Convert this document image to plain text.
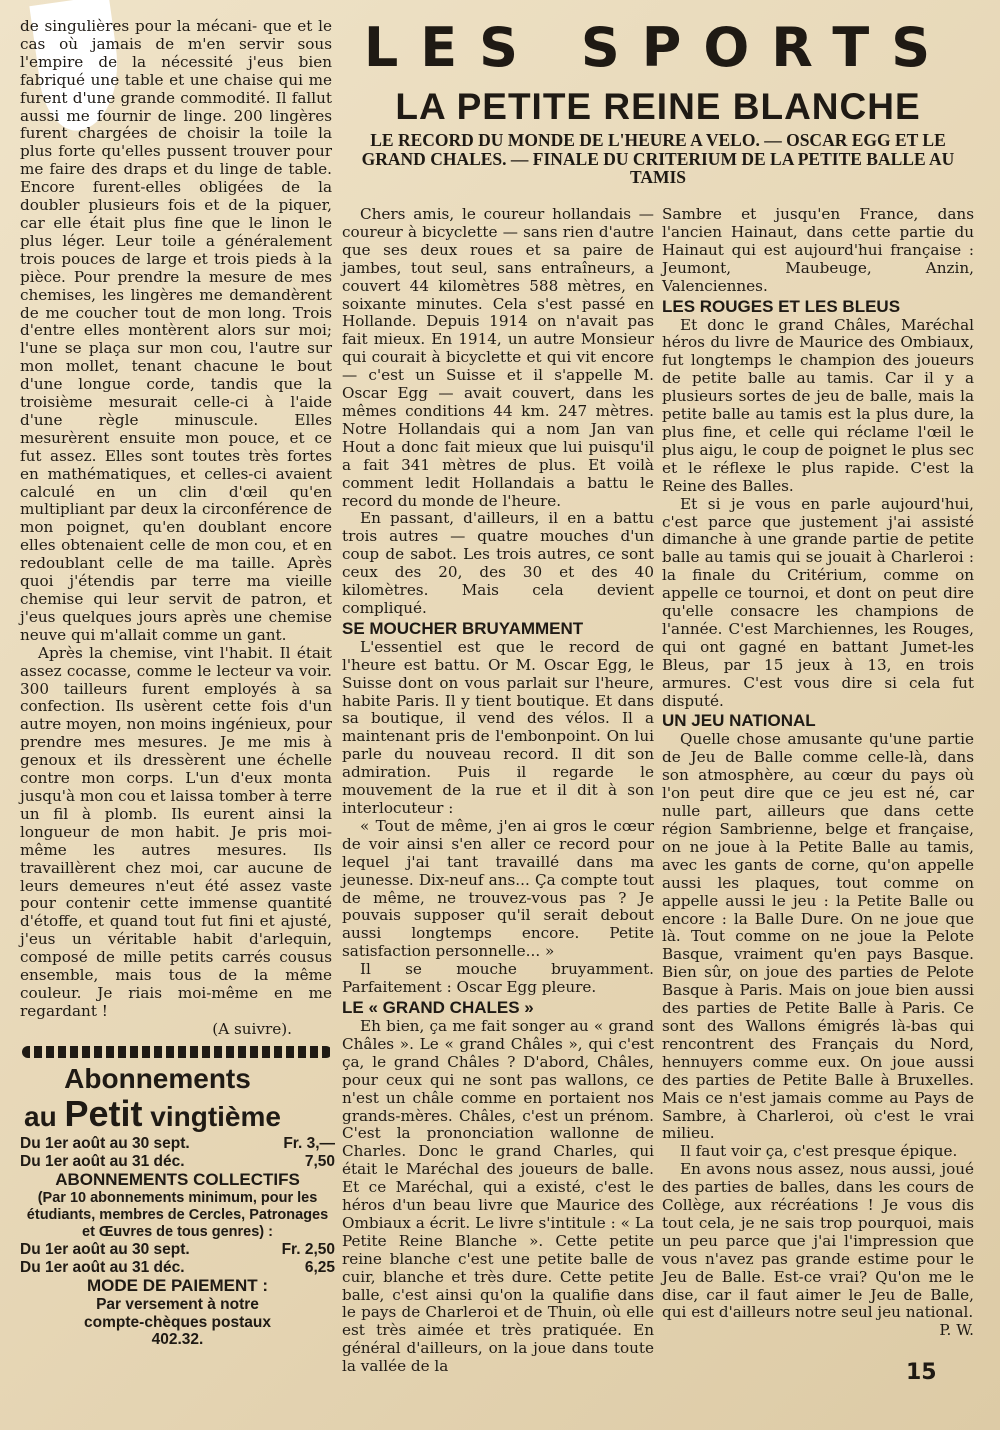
de singulières pour la mécani- que et le cas où jamais de m'en servir sous l'empire de la nécessité j'eus bien fabriqué une table et une chaise qui me furent d'une grande commodité. Il fallut aussi me fournir de linge. 200 lingères furent chargées de choisir la toile la plus forte qu'elles pussent trouver pour me faire des draps et du linge de table. Encore furent-elles obligées de la doubler plusieurs fois et de la piquer, car elle était plus fine que le linon le plus léger. Leur toile a généralement trois pouces de large et trois pieds à la pièce. Pour prendre la mesure de mes chemises, les lingères me demandèrent de me coucher tout de mon long. Trois d'entre elles montèrent alors sur moi; l'une se plaça sur mon cou, l'autre sur mon mollet, tenant chacune le bout d'une longue corde, tandis que la troisième mesurait celle-ci à l'aide d'une règle minuscule. Elles mesurèrent ensuite mon pouce, et ce fut assez. Elles sont toutes très fortes en mathématiques, et celles-ci avaient calculé en un clin d'œil qu'en multipliant par deux la circonférence de mon poignet, qu'en doublant encore elles obtenaient celle de mon cou, et en redoublant celle de ma taille. Après quoi j'étendis par terre ma vieille chemise qui leur servit de patron, et j'eus quelques jours après une chemise neuve qui m'allait comme un gant.

Après la chemise, vint l'habit. Il était assez cocasse, comme le lecteur va voir. 300 tailleurs furent employés à sa confection. Ils usèrent cette fois d'un autre moyen, non moins ingénieux, pour prendre mes mesures. Je me mis à genoux et ils dressèrent une échelle contre mon corps. L'un d'eux monta jusqu'à mon cou et laissa tomber à terre un fil à plomb. Ils eurent ainsi la longueur de mon habit. Je pris moi-même les autres mesures. Ils travaillèrent chez moi, car aucune de leurs demeures n'eut été assez vaste pour contenir cette immense quantité d'étoffe, et quand tout fut fini et ajusté, j'eus un véritable habit d'arlequin, composé de mille petits carrés cousus ensemble, mais tous de la même couleur. Je riais moi-même en me regardant !

(A suivre).

Abonnements
au Petit vingtième
Du 1er août au 30 sept.	Fr. 3,—
Du 1er août au 31 déc.	7,50
ABONNEMENTS COLLECTIFS
(Par 10 abonnements minimum, pour les étudiants, membres de Cercles, Patronages et Œuvres de tous genres) :
Du 1er août au 30 sept.	Fr. 2,50
Du 1er août au 31 déc.	6,25
MODE DE PAIEMENT :
Par versement à notre
compte-chèques postaux
402.32.
LES SPORTS
LA PETITE REINE BLANCHE
LE RECORD DU MONDE DE L'HEURE A VELO. — OSCAR EGG ET LE GRAND CHALES. — FINALE DU CRITERIUM DE LA PETITE BALLE AU TAMIS

Chers amis, le coureur hollandais — coureur à bicyclette — sans rien d'autre que ses deux roues et sa paire de jambes, tout seul, sans entraîneurs, a couvert 44 kilomètres 588 mètres, en soixante minutes. Cela s'est passé en Hollande. Depuis 1914 on n'avait pas fait mieux. En 1914, un autre Monsieur qui courait à bicyclette et qui vit encore — c'est un Suisse et il s'appelle M. Oscar Egg — avait couvert, dans les mêmes conditions 44 km. 247 mètres. Notre Hollandais qui a nom Jan van Hout a donc fait mieux que lui puisqu'il a fait 341 mètres de plus. Et voilà comment ledit Hollandais a battu le record du monde de l'heure.

En passant, d'ailleurs, il en a battu trois autres — quatre mouches d'un coup de sabot. Les trois autres, ce sont ceux des 20, des 30 et des 40 kilomètres. Mais cela devient compliqué.

SE MOUCHER BRUYAMMENT

L'essentiel est que le record de l'heure est battu. Or M. Oscar Egg, le Suisse dont on vous parlait sur l'heure, habite Paris. Il y tient boutique. Et dans sa boutique, il vend des vélos. Il a maintenant pris de l'embonpoint. On lui parle du nouveau record. Il dit son admiration. Puis il regarde le mouvement de la rue et il dit à son interlocuteur :

« Tout de même, j'en ai gros le cœur de voir ainsi s'en aller ce record pour lequel j'ai tant travaillé dans ma jeunesse. Dix-neuf ans... Ça compte tout de même, ne trouvez-vous pas ? Je pouvais supposer qu'il serait debout aussi longtemps encore. Petite satisfaction personnelle... »

Il se mouche bruyamment. Parfaitement : Oscar Egg pleure.

LE « GRAND CHALES »

Eh bien, ça me fait songer au « grand Châles ». Le « grand Châles », qui c'est ça, le grand Châles ? D'abord, Châles, pour ceux qui ne sont pas wallons, ce n'est un châle comme en portaient nos grands-mères. Châles, c'est un prénom. C'est la prononciation wallonne de Charles. Donc le grand Charles, qui était le Maréchal des joueurs de balle. Et ce Maréchal, qui a existé, c'est le héros d'un beau livre que Maurice des Ombiaux a écrit. Le livre s'intitule : « La Petite Reine Blanche ». Cette petite reine blanche c'est une petite balle de cuir, blanche et très dure. Cette petite balle, c'est ainsi qu'on la qualifie dans le pays de Charleroi et de Thuin, où elle est très aimée et très pratiquée. En général d'ailleurs, on la joue dans toute la vallée de la

Sambre et jusqu'en France, dans l'ancien Hainaut, dans cette partie du Hainaut qui est aujourd'hui française : Jeumont, Maubeuge, Anzin, Valenciennes.

LES ROUGES ET LES BLEUS

Et donc le grand Châles, Maréchal héros du livre de Maurice des Ombiaux, fut longtemps le champion des joueurs de petite balle au tamis. Car il y a plusieurs sortes de jeu de balle, mais la petite balle au tamis est la plus dure, la plus fine, et celle qui réclame l'œil le plus aigu, le coup de poignet le plus sec et le réflexe le plus rapide. C'est la Reine des Balles.

Et si je vous en parle aujourd'hui, c'est parce que justement j'ai assisté dimanche à une grande partie de petite balle au tamis qui se jouait à Charleroi : la finale du Critérium, comme on appelle ce tournoi, et dont on peut dire qu'elle consacre les champions de l'année. C'est Marchiennes, les Rouges, qui ont gagné en battant Jumet-les Bleus, par 15 jeux à 13, en trois armures. C'est vous dire si cela fut disputé.

UN JEU NATIONAL

Quelle chose amusante qu'une partie de Jeu de Balle comme celle-là, dans son atmosphère, au cœur du pays où l'on peut dire que ce jeu est né, car nulle part, ailleurs que dans cette région Sambrienne, belge et française, on ne joue à la Petite Balle au tamis, avec les gants de corne, qu'on appelle aussi les plaques, tout comme on appelle aussi le jeu : la Petite Balle ou encore : la Balle Dure. On ne joue que là. Tout comme on ne joue la Pelote Basque, vraiment qu'en pays Basque. Bien sûr, on joue des parties de Pelote Basque à Paris. Mais on joue bien aussi des parties de Petite Balle à Paris. Ce sont des Wallons émigrés là-bas qui rencontrent des Français du Nord, hennuyers comme eux. On joue aussi des parties de Petite Balle à Bruxelles. Mais ce n'est jamais comme au Pays de Sambre, à Charleroi, où c'est le vrai milieu.

Il faut voir ça, c'est presque épique.

En avons nous assez, nous aussi, joué des parties de balles, dans les cours de Collège, aux récréations ! Je vous dis tout cela, je ne sais trop pourquoi, mais un peu parce que j'ai l'impression que vous n'avez pas grande estime pour le Jeu de Balle. Est-ce vrai? Qu'on me le dise, car il faut aimer le Jeu de Balle, qui est d'ailleurs notre seul jeu national.
P. W.

15
